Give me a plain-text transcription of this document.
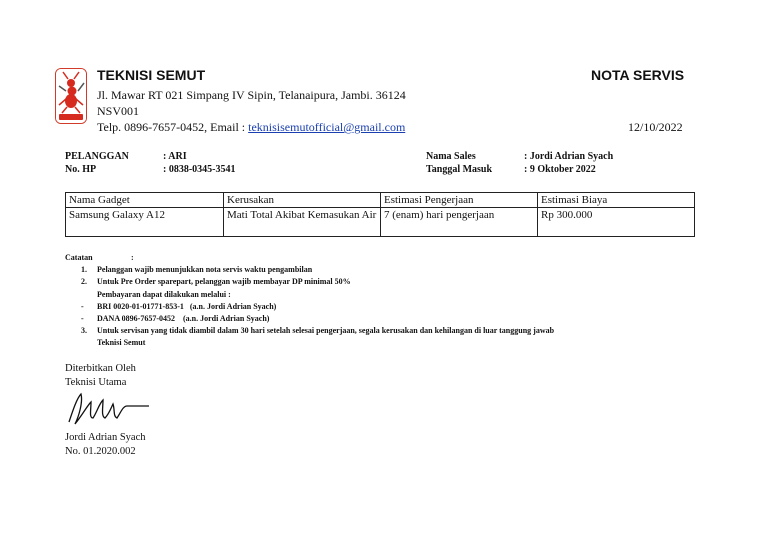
TEKNISI SEMUT	NOTA SERVIS
Jl. Mawar RT 021 Simpang IV Sipin, Telanaipura, Jambi. 36124
NSV001
Telp. 0896-7657-0452, Email : teknisisemutofficial@gmail.com	12/10/2022
PELANGGAN	: ARI
No. HP	: 0838-0345-3541
Nama Sales	: Jordi Adrian Syach
Tanggal Masuk	: 9 Oktober 2022
Nama Gadget	Kerusakan	Estimasi Pengerjaan	Estimasi Biaya
Samsung Galaxy A12	Mati Total Akibat Kemasukan Air	7 (enam) hari pengerjaan	Rp 300.000
Catatan	:
1. Pelanggan wajib menunjukkan nota servis waktu pengambilan
2. Untuk Pre Order sparepart, pelanggan wajib membayar DP minimal 50%
Pembayaran dapat dilakukan melalui :
- BRI 0020-01-01771-853-1 (a.n. Jordi Adrian Syach)
- DANA 0896-7657-0452 (a.n. Jordi Adrian Syach)
3. Untuk servisan yang tidak diambil dalam 30 hari setelah selesai pengerjaan, segala kerusakan dan kehilangan di luar tanggung jawab
Teknisi Semut
Diterbitkan Oleh
Teknisi Utama
Jordi Adrian Syach
No. 01.2020.002
